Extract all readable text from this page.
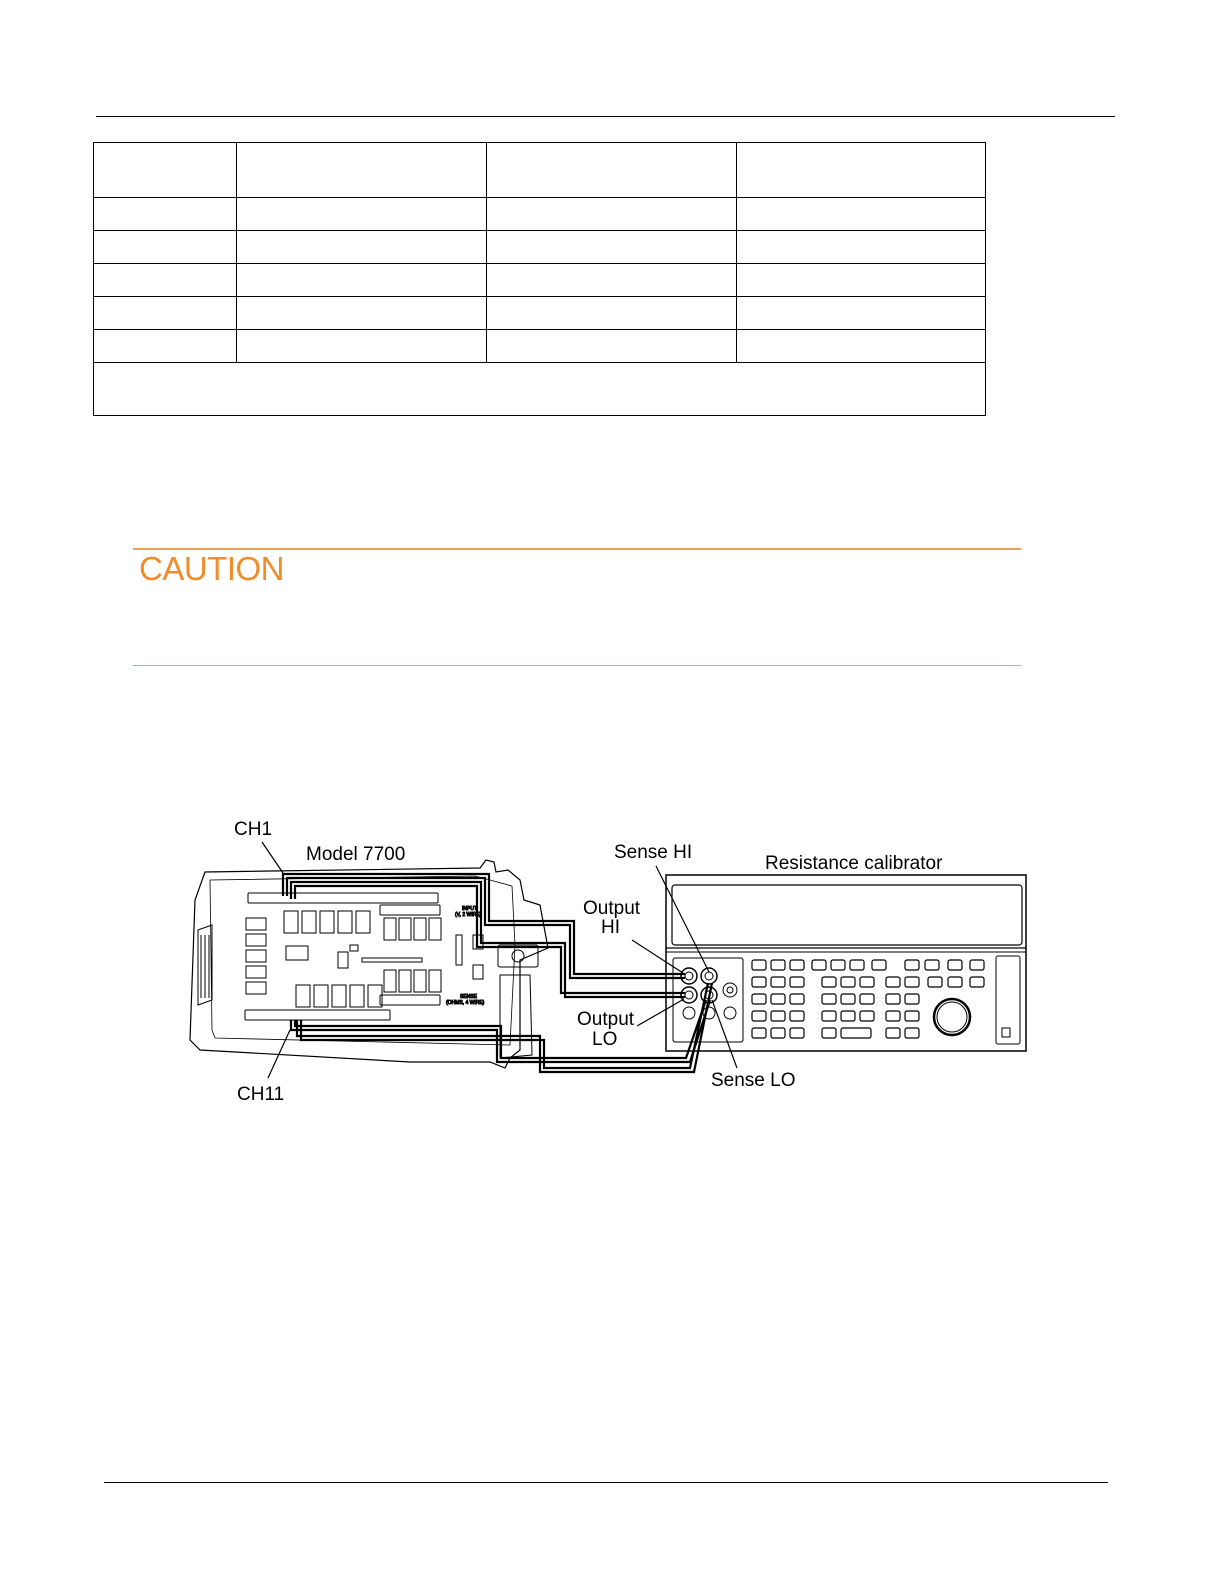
CAUTION
INPUT
(V, 2 WIRE)
SENSE
(OHMS, 4 WIRE)
CH1
Model 7700
CH11
Sense HI
Resistance calibrator
Output
HI
Output
LO
Sense LO
